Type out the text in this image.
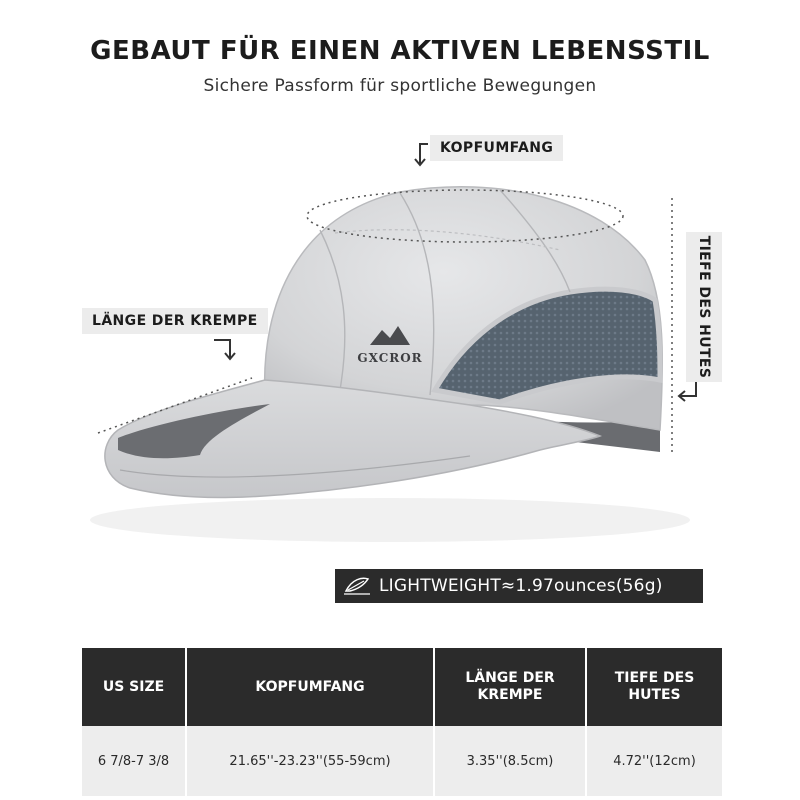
GEBAUT FÜR EINEN AKTIVEN LEBENSSTIL
Sichere Passform für sportliche Bewegungen
GXCROR
KOPFUMFANG
LÄNGE DER KREMPE	TIEFE DES HUTES
LIGHTWEIGHT≈1.97ounces(56g)
US SIZE	KOPFUMFANG	LÄNGE DER KREMPE	TIEFE DES HUTES
6 7/8-7 3/8	21.65''-23.23''(55-59cm)	3.35''(8.5cm)	4.72''(12cm)
